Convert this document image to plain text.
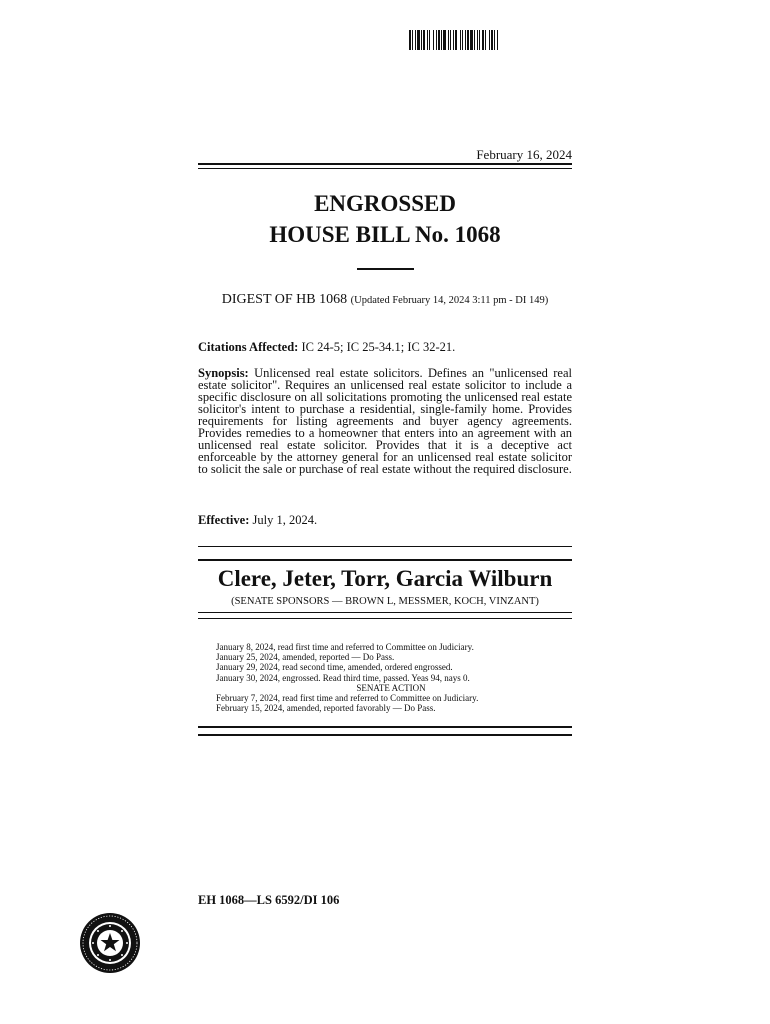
February 16, 2024
ENGROSSED
HOUSE BILL No. 1068
DIGEST OF HB 1068 (Updated February 14, 2024 3:11 pm - DI 149)
Citations Affected: IC 24-5; IC 25-34.1; IC 32-21.
Synopsis: Unlicensed real estate solicitors. Defines an "unlicensed real estate solicitor". Requires an unlicensed real estate solicitor to include a specific disclosure on all solicitations promoting the unlicensed real estate solicitor's intent to purchase a residential, single-family home. Provides requirements for listing agreements and buyer agency agreements. Provides remedies to a homeowner that enters into an agreement with an unlicensed real estate solicitor. Provides that it is a deceptive act enforceable by the attorney general for an unlicensed real estate solicitor to solicit the sale or purchase of real estate without the required disclosure.
Effective: July 1, 2024.
Clere, Jeter, Torr, Garcia Wilburn
(SENATE SPONSORS — BROWN L, MESSMER, KOCH, VINZANT)
January 8, 2024, read first time and referred to Committee on Judiciary.
January 25, 2024, amended, reported — Do Pass.
January 29, 2024, read second time, amended, ordered engrossed.
January 30, 2024, engrossed. Read third time, passed. Yeas 94, nays 0.
SENATE ACTION
February 7, 2024, read first time and referred to Committee on Judiciary.
February 15, 2024, amended, reported favorably — Do Pass.
EH 1068—LS 6592/DI 106
